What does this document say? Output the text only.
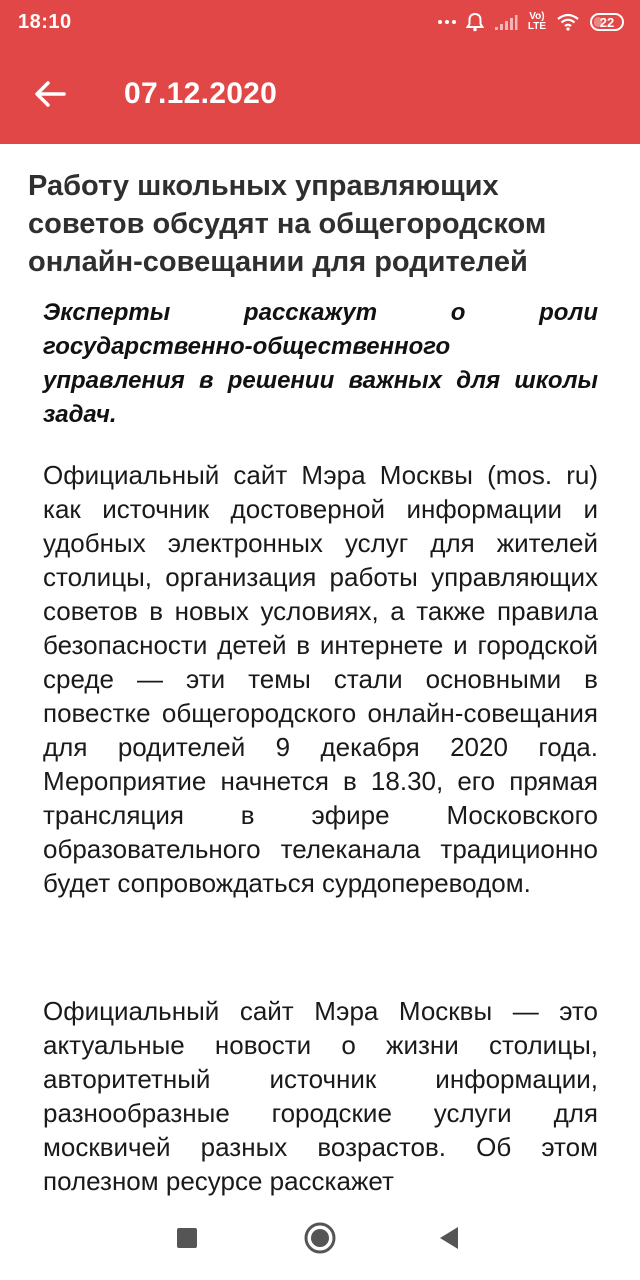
18:10	Vo)
LTE	22
07.12.2020
Работу школьных управляющих советов обсудят на общегородском онлайн-совещании для родителей

Эксперты расскажут о роли государственно-общественного управления в решении важных для школы задач.

Официальный сайт Мэра Москвы (mos. ru) как источник достоверной информации и удобных электронных услуг для жителей столицы, организация работы управляющих советов в новых условиях, а также правила безопасности детей в интернете и городской среде — эти темы стали основными в повестке общегородского онлайн-совещания для родителей 9 декабря 2020 года. Мероприятие начнется в 18.30, его прямая трансляция в эфире Московского образовательного телеканала традиционно будет сопровождаться сурдопереводом.

Официальный сайт Мэра Москвы — это актуальные новости о жизни столицы, авторитетный источник информации, разнообразные городские услуги для москвичей разных возрастов. Об этом полезном ресурсе расскажет
